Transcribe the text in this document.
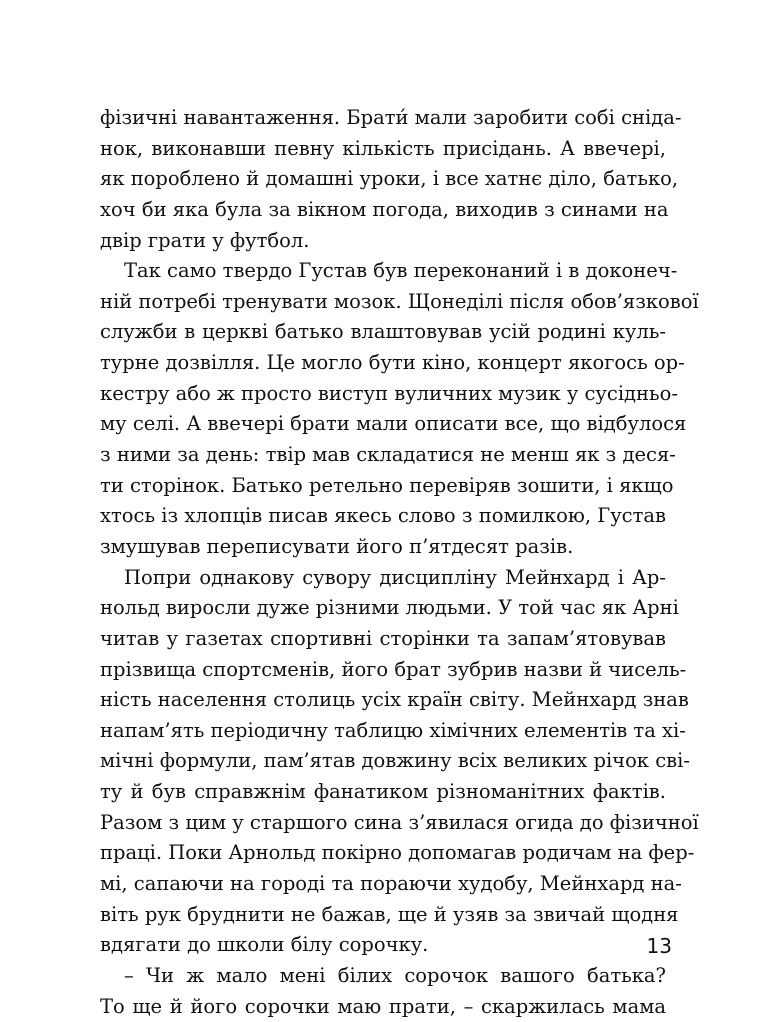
фізичні навантаження. Брати́ мали заробити собі сніда-
нок, виконавши певну кількість присідань. А ввечері,
як пороблено й домашні уроки, і все хатнє діло, батько,
хоч би яка була за вікном погода, виходив з синами на
двір грати у футбол.
Так само твердо Густав був переконаний і в доконеч-
ній потребі тренувати мозок. Щонеділі після обов’язкової
служби в церкві батько влаштовував усій родині куль-
турне дозвілля. Це могло бути кіно, концерт якогось ор-
кестру або ж просто виступ вуличних музик у сусідньо-
му селі. А ввечері брати мали описати все, що відбулося
з ними за день: твір мав складатися не менш як з деся-
ти сторінок. Батько ретельно перевіряв зошити, і якщо
хтось із хлопців писав якесь слово з помилкою, Густав
змушував переписувати його п’ятдесят разів.
Попри однакову сувору дисципліну Мейнхард і Ар-
нольд виросли дуже різними людьми. У той час як Арні
читав у газетах спортивні сторінки та запам’ятовував
прізвища спортсменів, його брат зубрив назви й чисель-
ність населення столиць усіх країн світу. Мейнхард знав
напам’ять періодичну таблицю хімічних елементів та хі-
мічні формули, пам’ятав довжину всіх великих річок сві-
ту й був справжнім фанатиком різноманітних фактів.
Разом з цим у старшого сина з’явилася огида до фізичної
праці. Поки Арнольд покірно допомагав родичам на фер-
мі, сапаючи на городі та пораючи худобу, Мейнхард на-
віть рук бруднити не бажав, ще й узяв за звичай щодня
вдягати до школи білу сорочку.
– Чи ж мало мені білих сорочок вашого батька?
То ще й його сорочки маю прати, – скаржилась мама
13
